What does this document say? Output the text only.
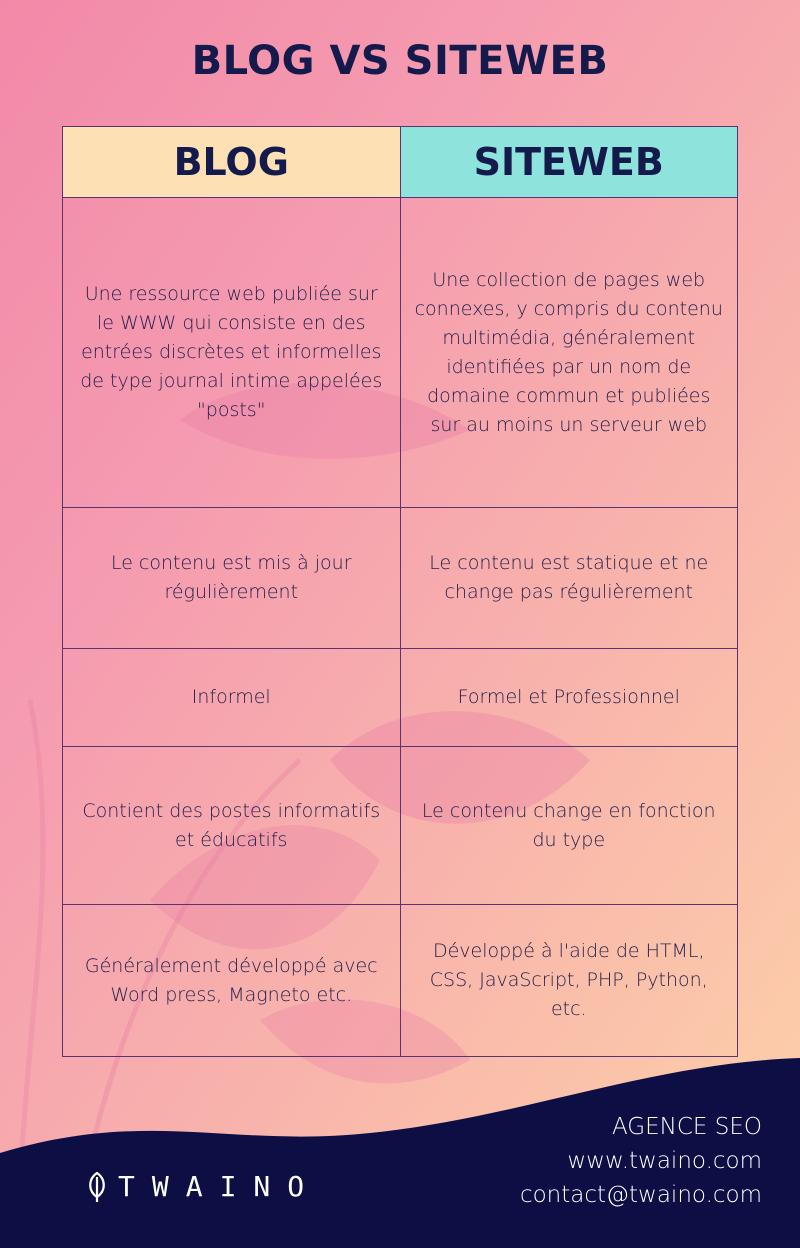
BLOG VS SITEWEB
BLOG	SITEWEB
Une ressource web publiée sur le WWW qui consiste en des entrées discrètes et informelles de type journal intime appelées "posts"	Une collection de pages web connexes, y compris du contenu multimédia, généralement identifiées par un nom de domaine commun et publiées sur au moins un serveur web
Le contenu est mis à jour régulièrement	Le contenu est statique et ne change pas régulièrement
Informel	Formel et Professionnel
Contient des postes informatifs et éducatifs	Le contenu change en fonction du type
Généralement développé avec Word press, Magneto etc.	Développé à l'aide de HTML, CSS, JavaScript, PHP, Python, etc.
TWAINO
AGENCE SEO
www.twaino.com
contact@twaino.com
